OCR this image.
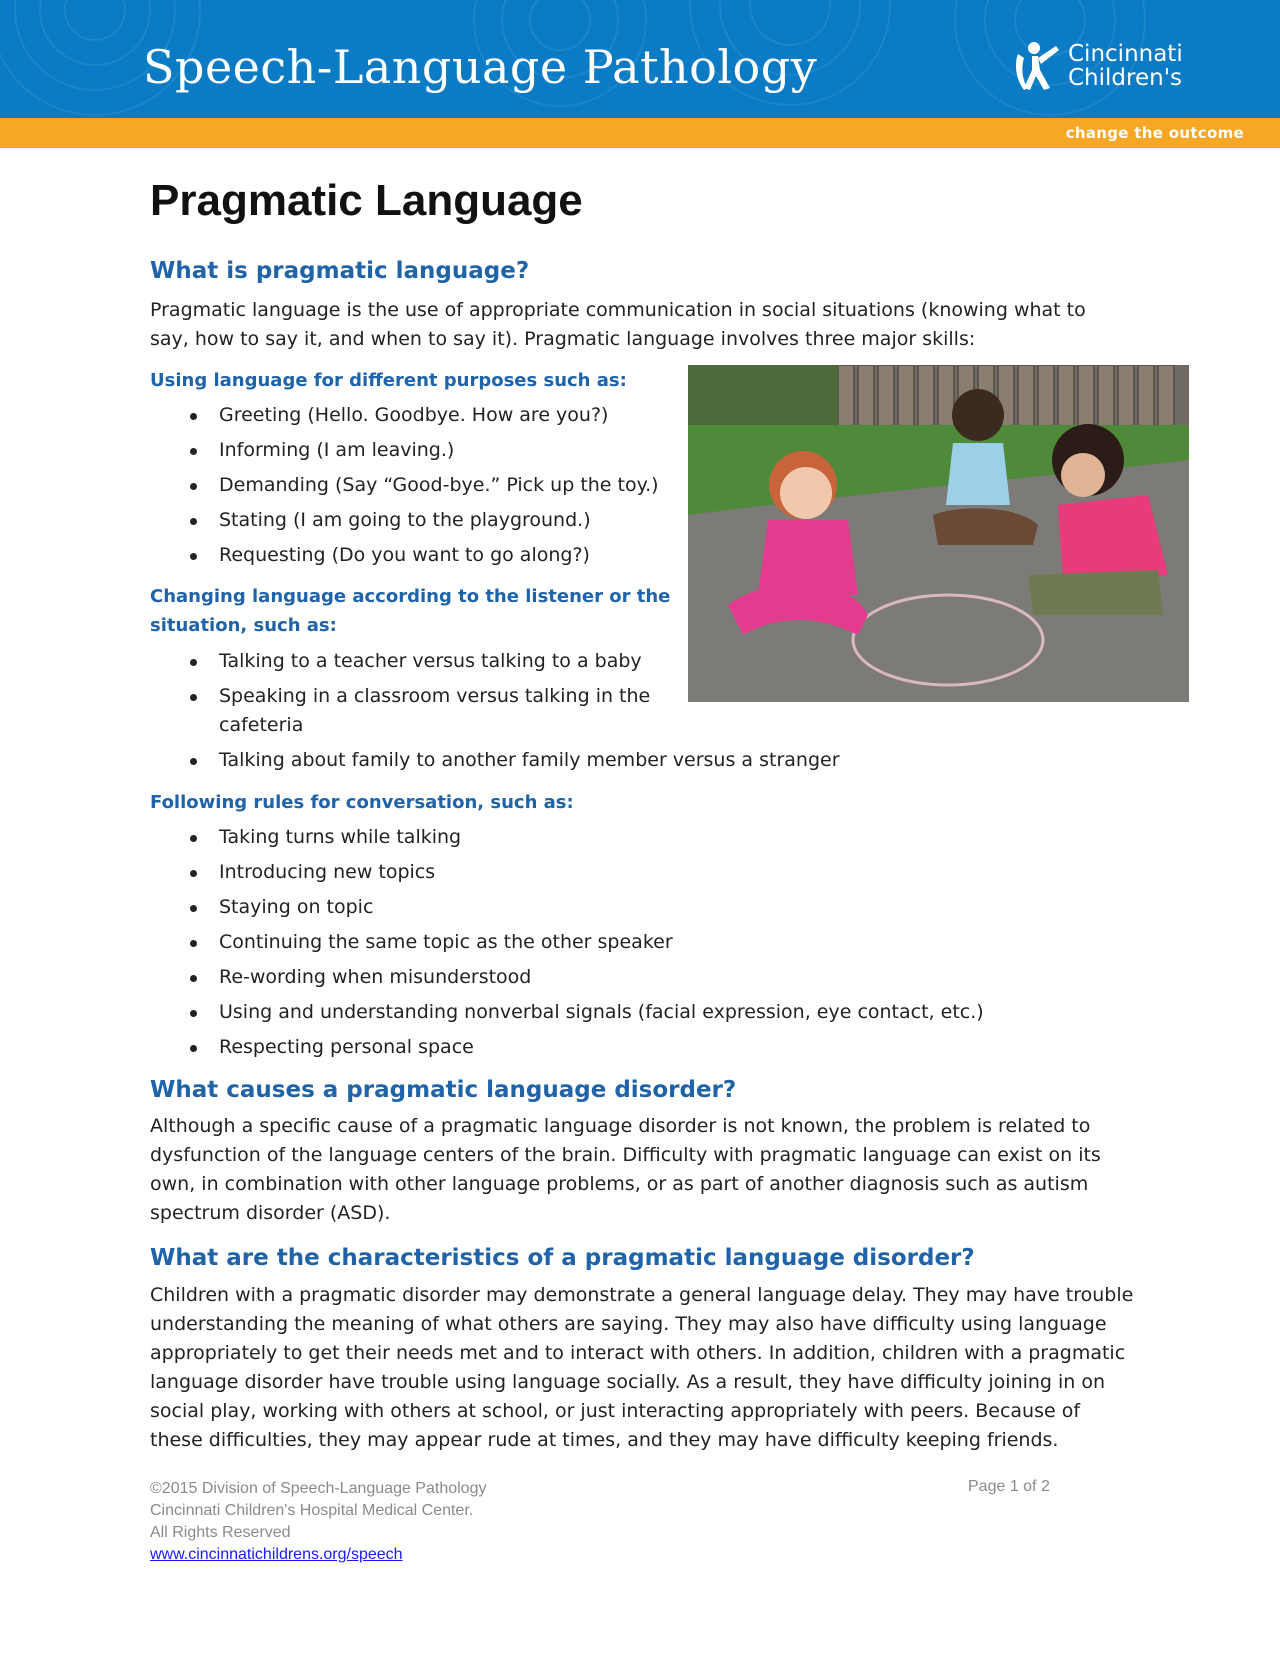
Speech-Language Pathology	Cincinnati
Children's
change the outcome
Pragmatic Language
What is pragmatic language?
Pragmatic language is the use of appropriate communication in social situations (knowing what to
say, how to say it, and when to say it). Pragmatic language involves three major skills:
Using language for different purposes such as:
Greeting (Hello. Goodbye. How are you?)
Informing (I am leaving.)
Demanding (Say “Good-bye.” Pick up the toy.)
Stating (I am going to the playground.)
Requesting (Do you want to go along?)
Changing language according to the listener or the
situation, such as:
Talking to a teacher versus talking to a baby
Speaking in a classroom versus talking in the
cafeteria
Talking about family to another family member versus a stranger
Following rules for conversation, such as:
Taking turns while talking
Introducing new topics
Staying on topic
Continuing the same topic as the other speaker
Re-wording when misunderstood
Using and understanding nonverbal signals (facial expression, eye contact, etc.)
Respecting personal space
What causes a pragmatic language disorder?
Although a specific cause of a pragmatic language disorder is not known, the problem is related to
dysfunction of the language centers of the brain. Difficulty with pragmatic language can exist on its
own, in combination with other language problems, or as part of another diagnosis such as autism
spectrum disorder (ASD).
What are the characteristics of a pragmatic language disorder?
Children with a pragmatic disorder may demonstrate a general language delay. They may have trouble
understanding the meaning of what others are saying. They may also have difficulty using language
appropriately to get their needs met and to interact with others. In addition, children with a pragmatic
language disorder have trouble using language socially. As a result, they have difficulty joining in on
social play, working with others at school, or just interacting appropriately with peers. Because of
these difficulties, they may appear rude at times, and they may have difficulty keeping friends.
©2015 Division of Speech-Language Pathology
Cincinnati Children's Hospital Medical Center.
All Rights Reserved
www.cincinnatichildrens.org/speech
Page 1 of 2
